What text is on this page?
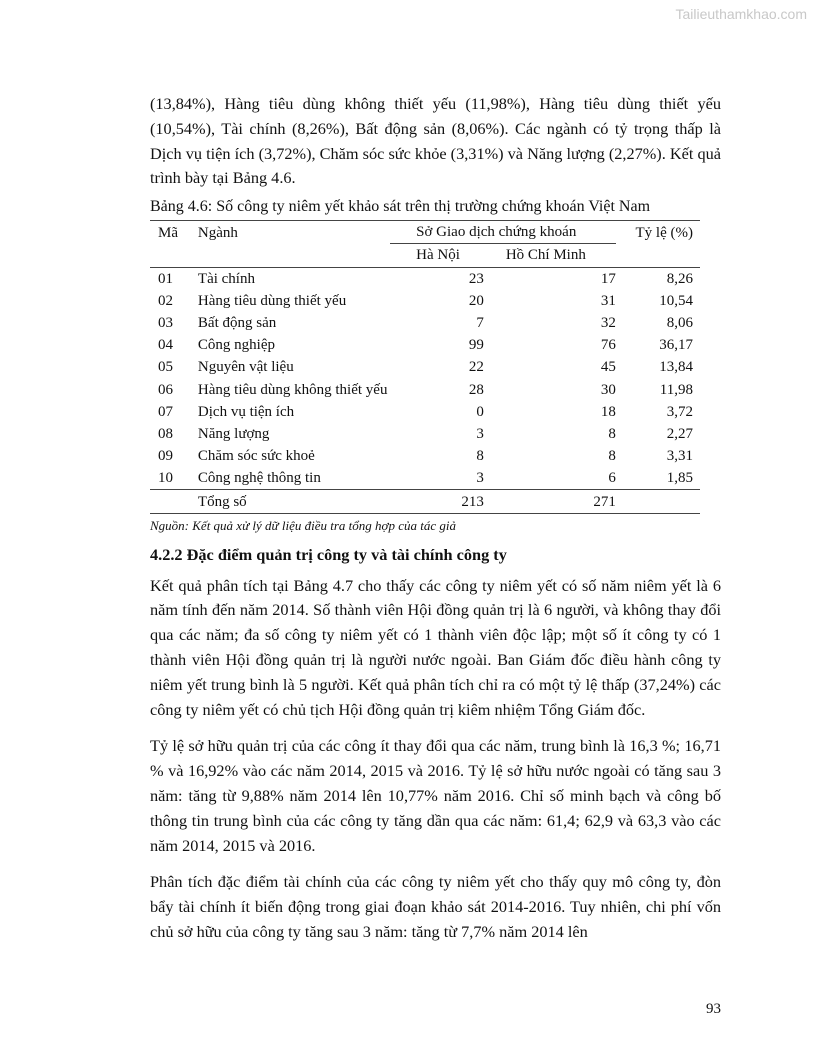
Tailieuthamkhao.com

(13,84%), Hàng tiêu dùng không thiết yếu (11,98%), Hàng tiêu dùng thiết yếu (10,54%), Tài chính (8,26%), Bất động sản (8,06%). Các ngành có tỷ trọng thấp là Dịch vụ tiện ích (3,72%), Chăm sóc sức khỏe (3,31%) và Năng lượng (2,27%). Kết quả trình bày tại Bảng 4.6.

Bảng 4.6: Số công ty niêm yết khảo sát trên thị trường chứng khoán Việt Nam
Mã	Ngành	Sở Giao dịch chứng khoán		Tỷ lệ (%)
		Hà Nội	Hồ Chí Minh	
01	Tài chính	23	17	8,26
02	Hàng tiêu dùng thiết yếu	20	31	10,54
03	Bất động sản	7	32	8,06
04	Công nghiệp	99	76	36,17
05	Nguyên vật liệu	22	45	13,84
06	Hàng tiêu dùng không thiết yếu	28	30	11,98
07	Dịch vụ tiện ích	0	18	3,72
08	Năng lượng	3	8	2,27
09	Chăm sóc sức khoẻ	8	8	3,31
10	Công nghệ thông tin	3	6	1,85
	Tổng số	213	271	
Nguồn: Kết quả xử lý dữ liệu điều tra tổng hợp của tác giả
4.2.2 Đặc điểm quản trị công ty và tài chính công ty

Kết quả phân tích tại Bảng 4.7 cho thấy các công ty niêm yết có số năm niêm yết là 6 năm tính đến năm 2014. Số thành viên Hội đồng quản trị là 6 người, và không thay đổi qua các năm; đa số công ty niêm yết có 1 thành viên độc lập; một số ít công ty có 1 thành viên Hội đồng quản trị là người nước ngoài. Ban Giám đốc điều hành công ty niêm yết trung bình là 5 người. Kết quả phân tích chỉ ra có một tỷ lệ thấp (37,24%) các công ty niêm yết có chủ tịch Hội đồng quản trị kiêm nhiệm Tổng Giám đốc.

Tỷ lệ sở hữu quản trị của các công ít thay đổi qua các năm, trung bình là 16,3 %; 16,71 % và 16,92% vào các năm 2014, 2015 và 2016. Tỷ lệ sở hữu nước ngoài có tăng sau 3 năm: tăng từ 9,88% năm 2014 lên 10,77% năm 2016. Chỉ số minh bạch và công bố thông tin trung bình của các công ty tăng dần qua các năm: 61,4; 62,9 và 63,3 vào các năm 2014, 2015 và 2016.

Phân tích đặc điểm tài chính của các công ty niêm yết cho thấy quy mô công ty, đòn bẩy tài chính ít biến động trong giai đoạn khảo sát 2014-2016. Tuy nhiên, chi phí vốn chủ sở hữu của công ty tăng sau 3 năm: tăng từ 7,7% năm 2014 lên

93
